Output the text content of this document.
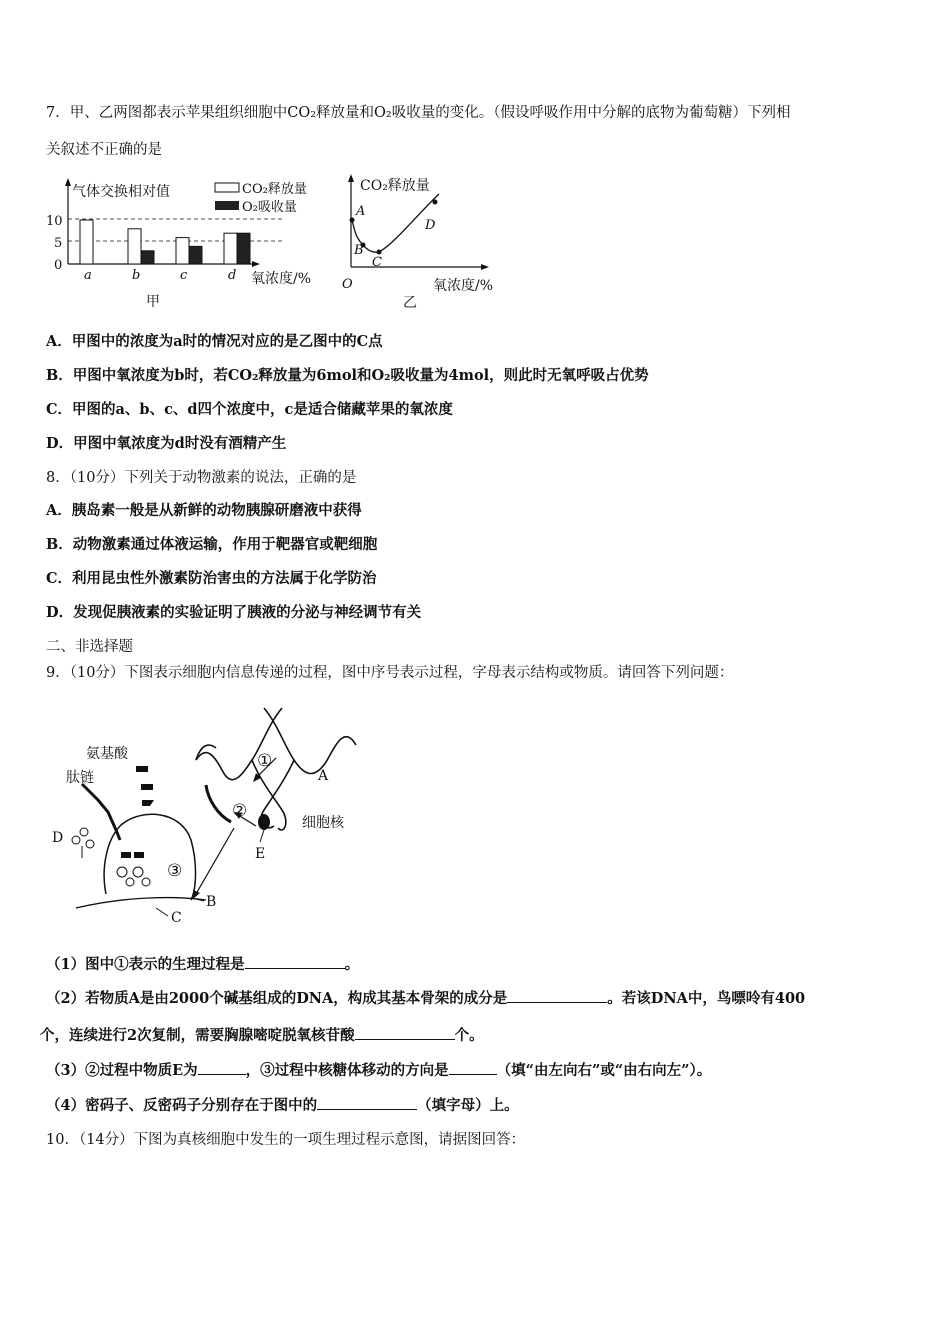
7．甲、乙两图都表示苹果组织细胞中CO₂释放量和O₂吸收量的变化。（假设呼吸作用中分解的底物为葡萄糖）下列相
关叙述不正确的是
气体交换相对值	CO₂释放量
O₂吸收量
a	b	c	d
0
5
10
氧浓度/%
甲
CO₂释放量
A
B
C
D
O	氧浓度/%
乙
A．甲图中的浓度为a时的情况对应的是乙图中的C点
B．甲图中氧浓度为b时，若CO₂释放量为6mol和O₂吸收量为4mol，则此时无氧呼吸占优势
C．甲图的a、b、c、d四个浓度中，c是适合储藏苹果的氧浓度
D．甲图中氧浓度为d时没有酒精产生
8．（10分）下列关于动物激素的说法，正确的是
A．胰岛素一般是从新鲜的动物胰腺研磨液中获得
B．动物激素通过体液运输，作用于靶器官或靶细胞
C．利用昆虫性外激素防治害虫的方法属于化学防治
D．发现促胰液素的实验证明了胰液的分泌与神经调节有关
二、非选择题
9．（10分）下图表示细胞内信息传递的过程，图中序号表示过程，字母表示结构或物质。请回答下列问题：
①
②
③
A
E
细胞核
氨基酸
肽链
D
B
C
（1）图中①表示的生理过程是	。
（2）若物质A是由2000个碱基组成的DNA，构成其基本骨架的成分是	。若该DNA中，鸟嘌呤有400
个，连续进行2次复制，需要胸腺嘧啶脱氧核苷酸	个。
（3）②过程中物质E为	，③过程中核糖体移动的方向是	（填“由左向右”或“由右向左”）。
（4）密码子、反密码子分别存在于图中的	（填字母）上。
10．（14分）下图为真核细胞中发生的一项生理过程示意图，请据图回答：
